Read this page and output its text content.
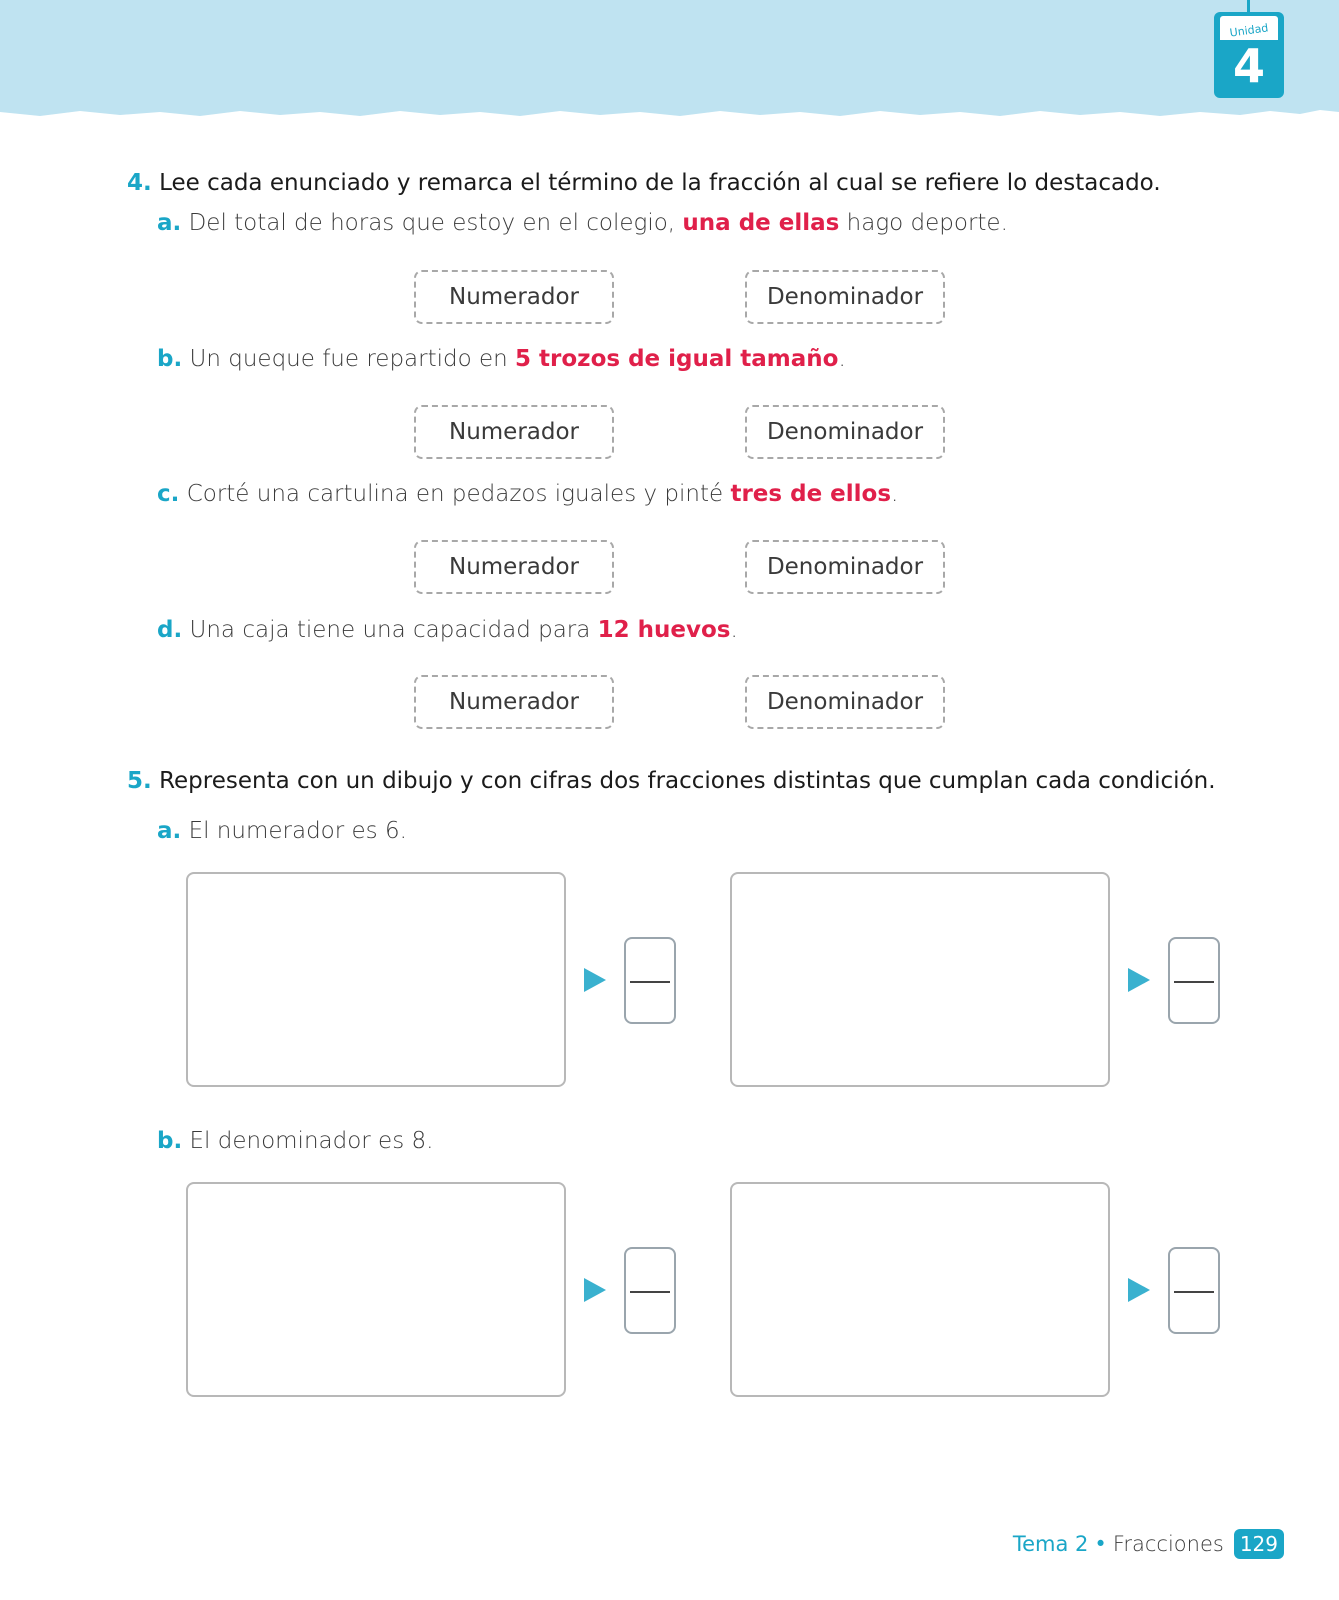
Unidad
4
4. Lee cada enunciado y remarca el término de la fracción al cual se refiere lo destacado.
a. Del total de horas que estoy en el colegio, una de ellas hago deporte.
Numerador	Denominador
b. Un queque fue repartido en 5 trozos de igual tamaño.
Numerador	Denominador
c. Corté una cartulina en pedazos iguales y pinté tres de ellos.
Numerador	Denominador
d. Una caja tiene una capacidad para 12 huevos.
Numerador	Denominador
5. Representa con un dibujo y con cifras dos fracciones distintas que cumplan cada condición.
a. El numerador es 6.
b. El denominador es 8.
Tema 2 • Fracciones 129
